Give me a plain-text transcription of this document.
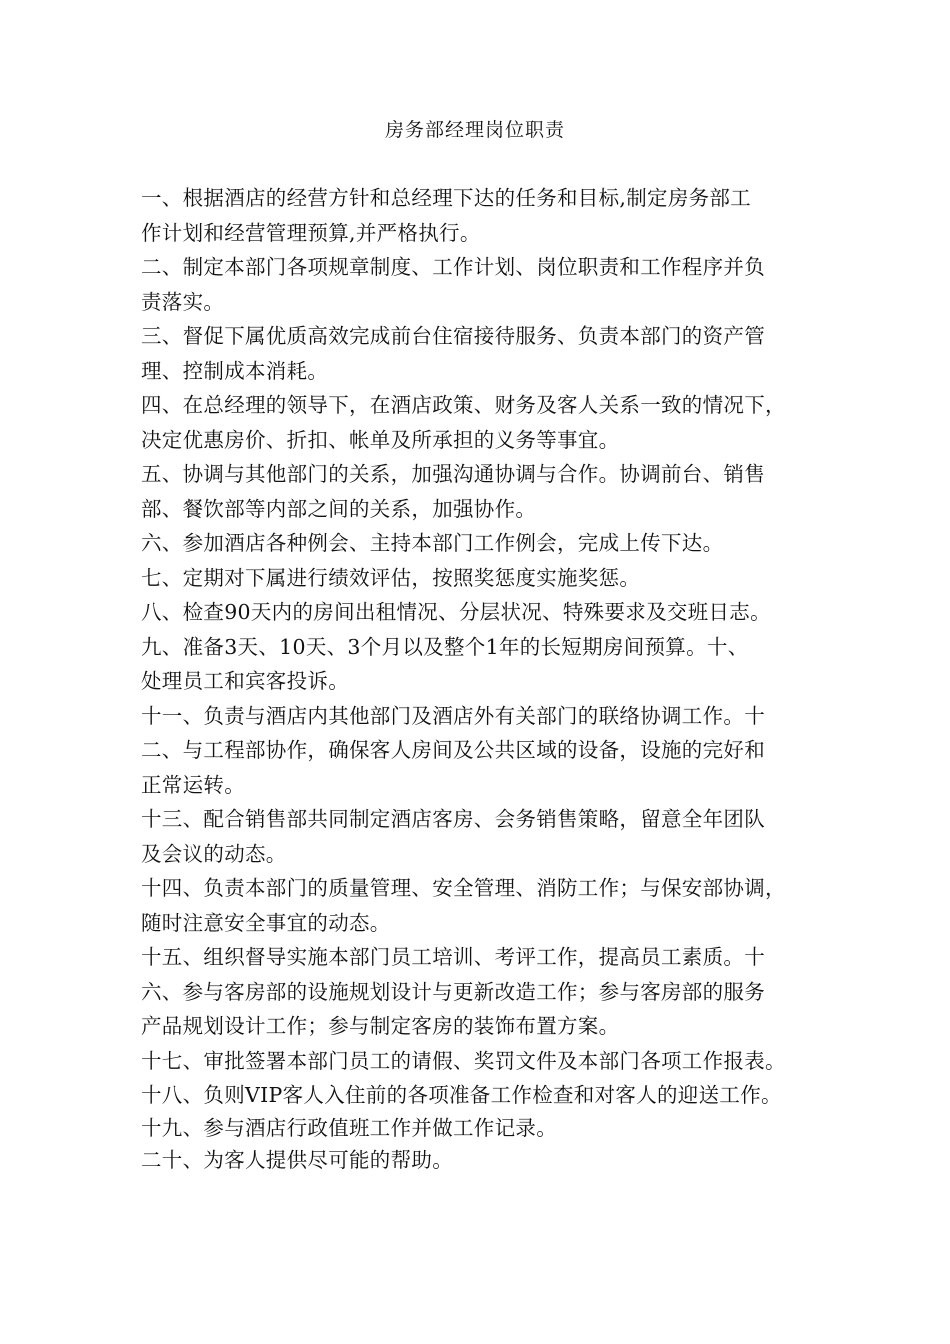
房务部经理岗位职责
一、根据酒店的经营方针和总经理下达的任务和目标,制定房务部工
作计划和经营管理预算,并严格执行。
二、制定本部门各项规章制度、工作计划、岗位职责和工作程序并负
责落实。
三、督促下属优质高效完成前台住宿接待服务、负责本部门的资产管
理、控制成本消耗。
四、在总经理的领导下，在酒店政策、财务及客人关系一致的情况下，
决定优惠房价、折扣、帐单及所承担的义务等事宜。
五、协调与其他部门的关系，加强沟通协调与合作。协调前台、销售
部、餐饮部等内部之间的关系，加强协作。
六、参加酒店各种例会、主持本部门工作例会，完成上传下达。
七、定期对下属进行绩效评估，按照奖惩度实施奖惩。
八、检查90天内的房间出租情况、分层状况、特殊要求及交班日志。
九、准备3天、10天、3个月以及整个1年的长短期房间预算。十、
处理员工和宾客投诉。
十一、负责与酒店内其他部门及酒店外有关部门的联络协调工作。十
二、与工程部协作，确保客人房间及公共区域的设备，设施的完好和
正常运转。
十三、配合销售部共同制定酒店客房、会务销售策略，留意全年团队
及会议的动态。
十四、负责本部门的质量管理、安全管理、消防工作；与保安部协调，
随时注意安全事宜的动态。
十五、组织督导实施本部门员工培训、考评工作，提高员工素质。十
六、参与客房部的设施规划设计与更新改造工作；参与客房部的服务
产品规划设计工作；参与制定客房的装饰布置方案。
十七、审批签署本部门员工的请假、奖罚文件及本部门各项工作报表。
十八、负则VIP客人入住前的各项准备工作检查和对客人的迎送工作。
十九、参与酒店行政值班工作并做工作记录。
二十、为客人提供尽可能的帮助。
